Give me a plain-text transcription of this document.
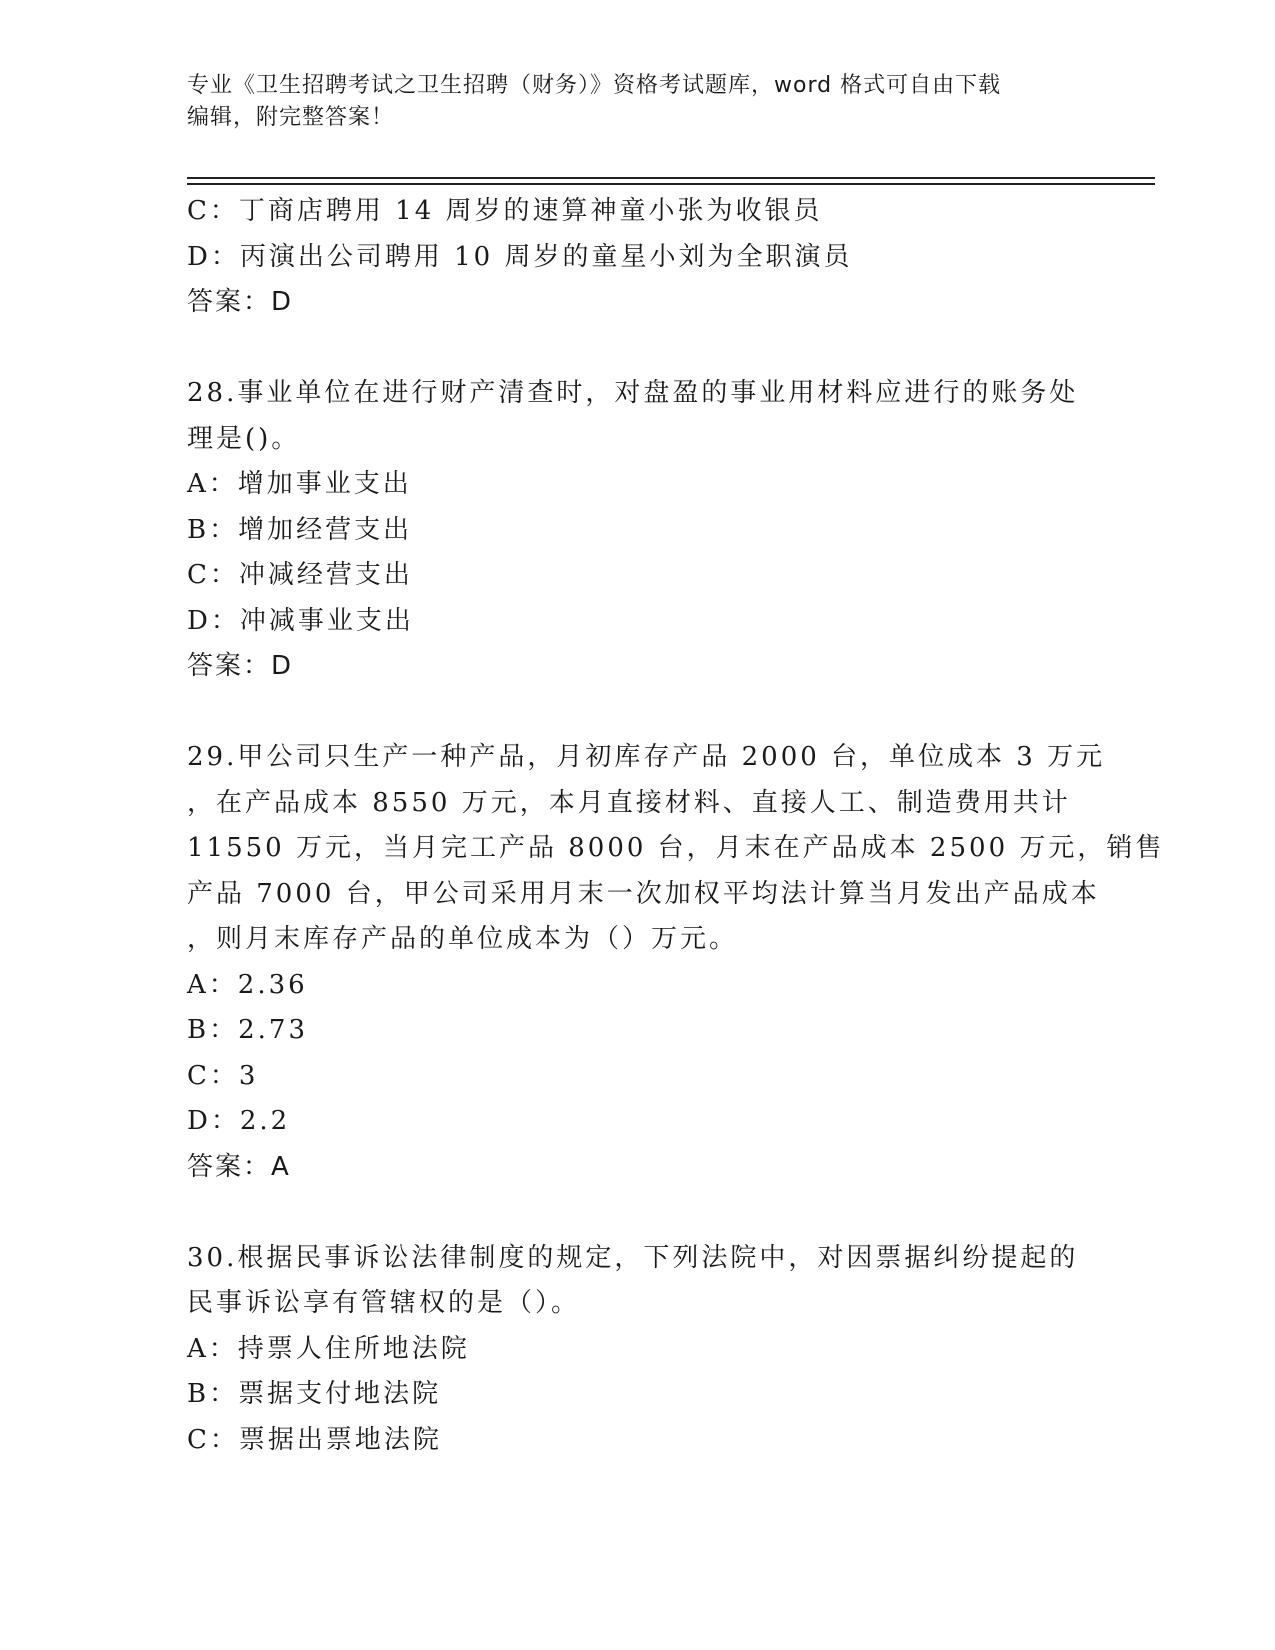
专业《卫生招聘考试之卫生招聘（财务）》资格考试题库，word 格式可自由下载
编辑，附完整答案！
C：丁商店聘用 14 周岁的速算神童小张为收银员
D：丙演出公司聘用 10 周岁的童星小刘为全职演员
答案：D
28.事业单位在进行财产清查时，对盘盈的事业用材料应进行的账务处
理是()。
A：增加事业支出
B：增加经营支出
C：冲减经营支出
D：冲减事业支出
答案：D
29.甲公司只生产一种产品，月初库存产品 2000 台，单位成本 3 万元
，在产品成本 8550 万元，本月直接材料、直接人工、制造费用共计
11550 万元，当月完工产品 8000 台，月末在产品成本 2500 万元，销售
产品 7000 台，甲公司采用月末一次加权平均法计算当月发出产品成本
，则月末库存产品的单位成本为（）万元。
A：2.36
B：2.73
C：3
D：2.2
答案：A
30.根据民事诉讼法律制度的规定，下列法院中，对因票据纠纷提起的
民事诉讼享有管辖权的是（）。
A：持票人住所地法院
B：票据支付地法院
C：票据出票地法院
